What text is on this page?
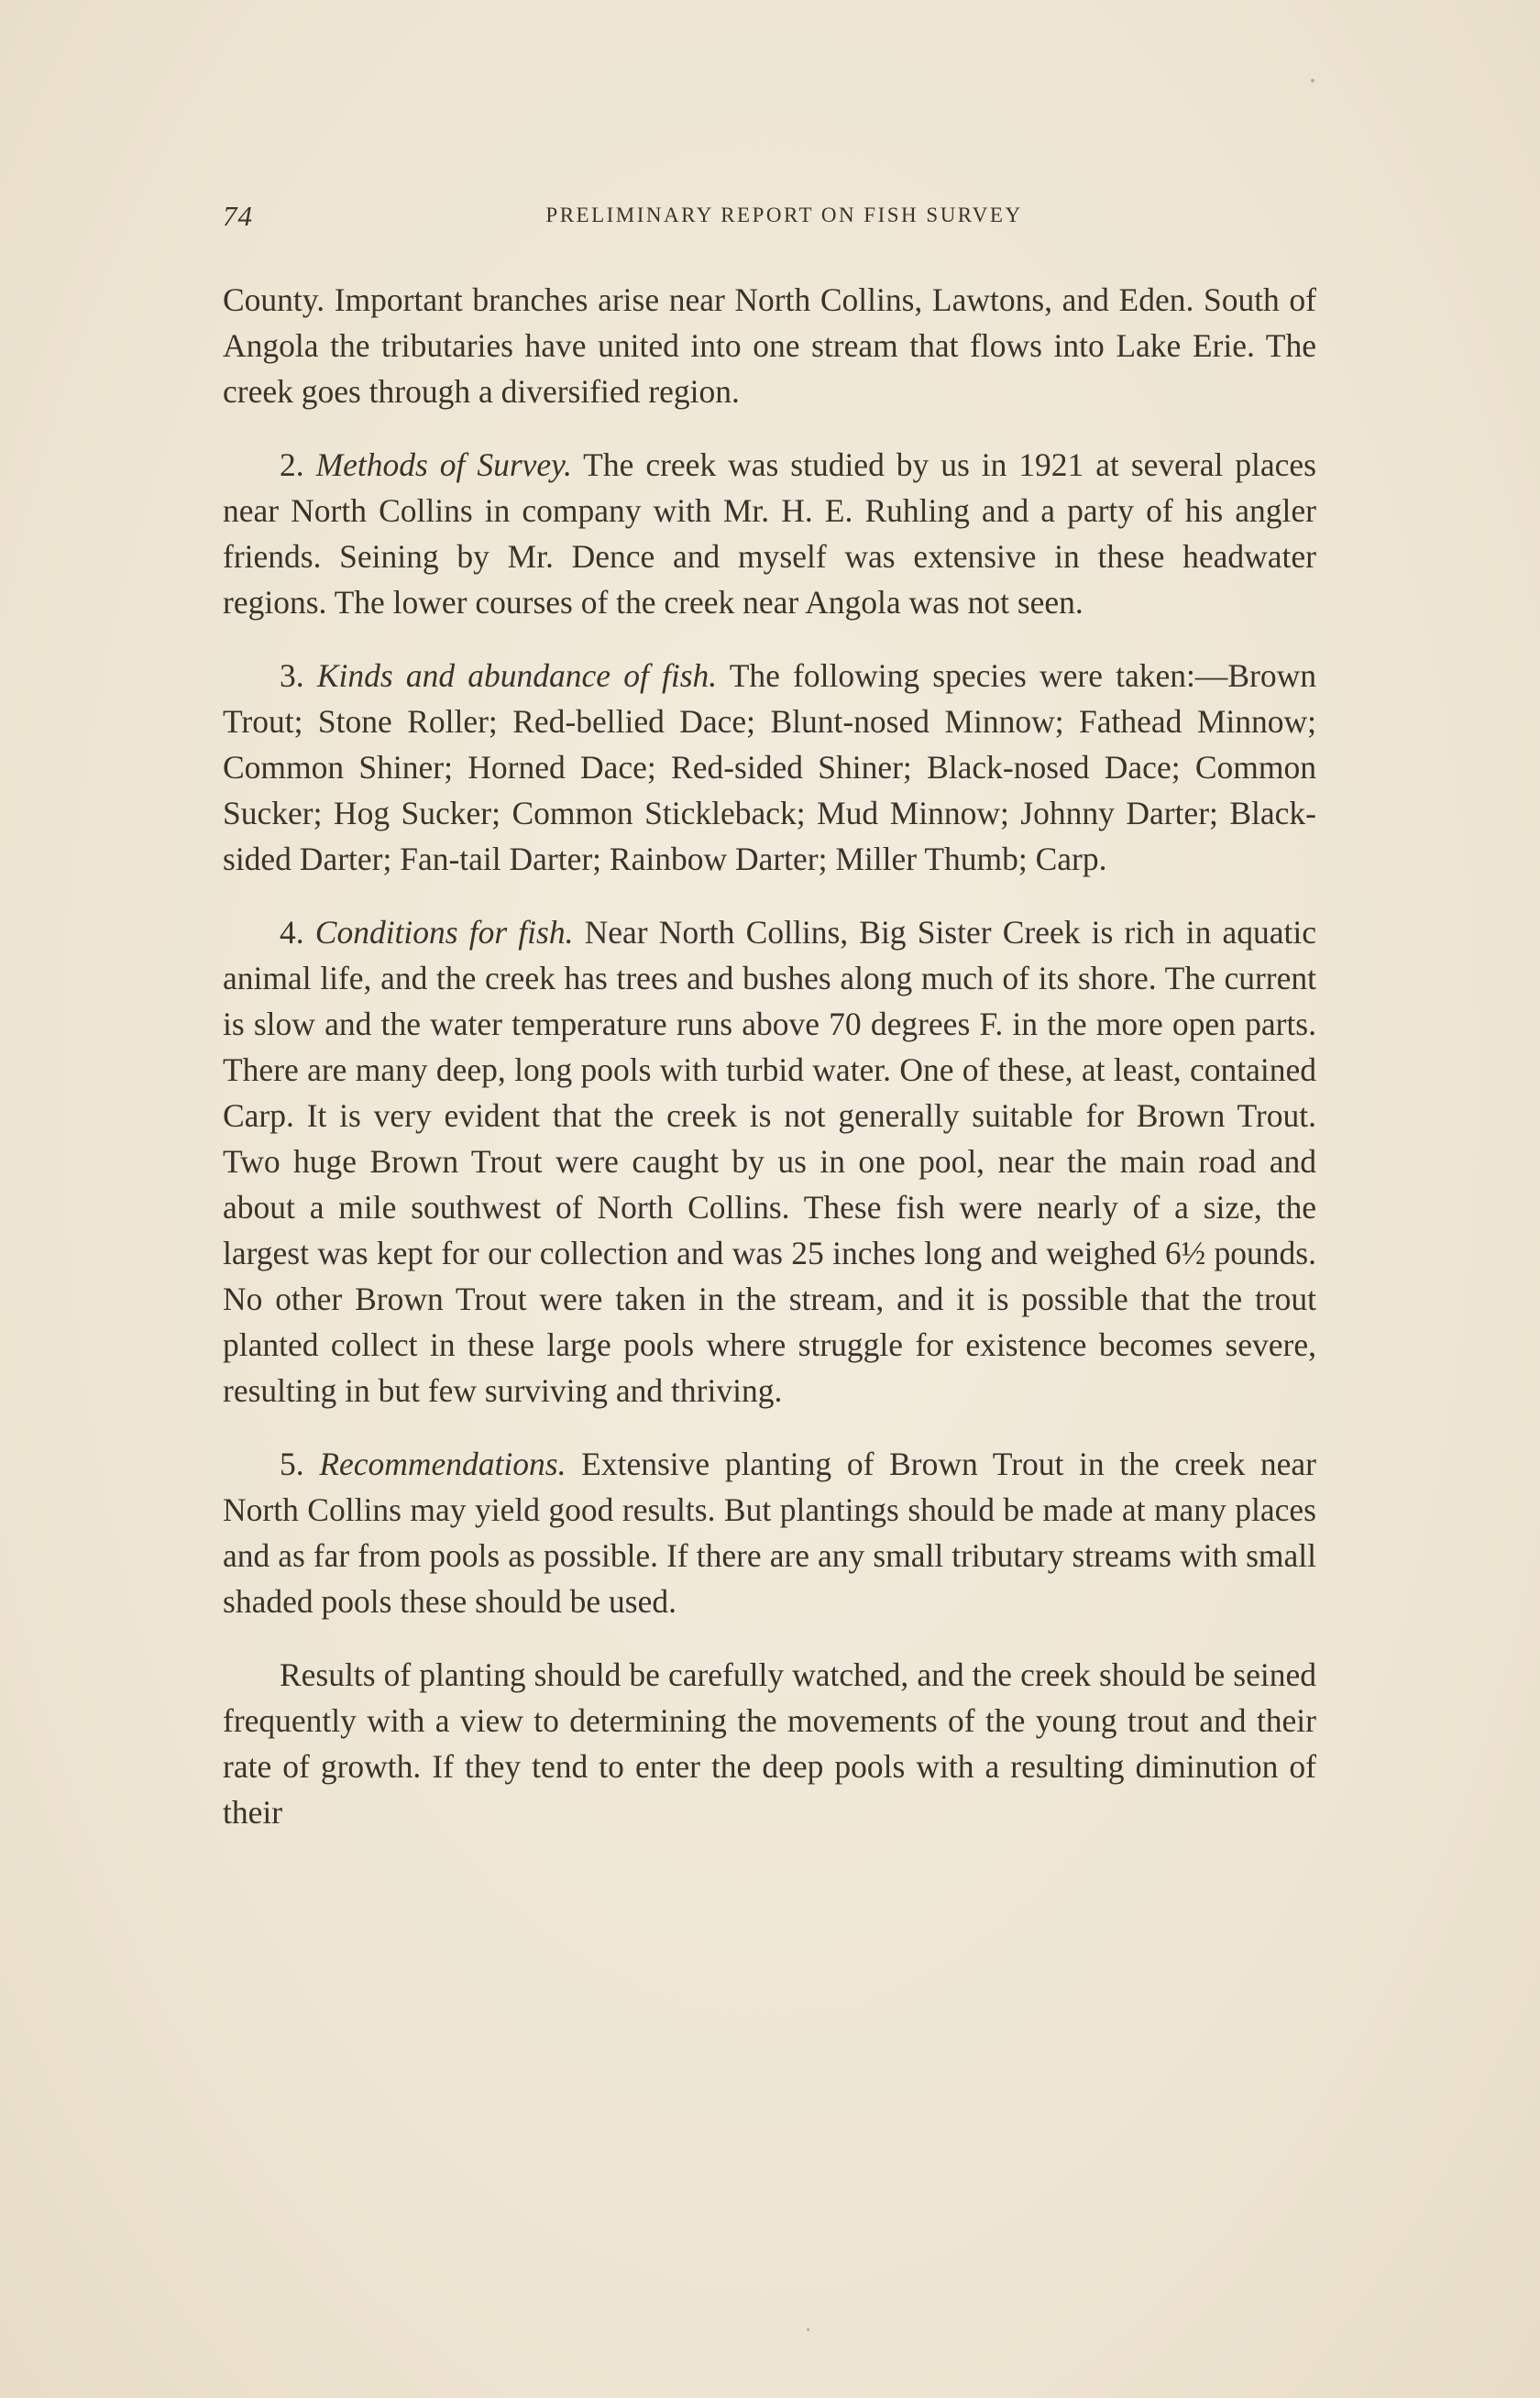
74	PRELIMINARY REPORT ON FISH SURVEY

County. Important branches arise near North Collins, Lawtons, and Eden. South of Angola the tributaries have united into one stream that flows into Lake Erie. The creek goes through a diversified region.

2. Methods of Survey. The creek was studied by us in 1921 at several places near North Collins in company with Mr. H. E. Ruhling and a party of his angler friends. Seining by Mr. Dence and myself was extensive in these headwater regions. The lower courses of the creek near Angola was not seen.

3. Kinds and abundance of fish. The following species were taken:—Brown Trout; Stone Roller; Red-bellied Dace; Blunt-nosed Minnow; Fathead Minnow; Common Shiner; Horned Dace; Red-sided Shiner; Black-nosed Dace; Common Sucker; Hog Sucker; Common Stickleback; Mud Minnow; Johnny Darter; Black-sided Darter; Fan-tail Darter; Rainbow Darter; Miller Thumb; Carp.

4. Conditions for fish. Near North Collins, Big Sister Creek is rich in aquatic animal life, and the creek has trees and bushes along much of its shore. The current is slow and the water temperature runs above 70 degrees F. in the more open parts. There are many deep, long pools with turbid water. One of these, at least, contained Carp. It is very evident that the creek is not generally suitable for Brown Trout. Two huge Brown Trout were caught by us in one pool, near the main road and about a mile southwest of North Collins. These fish were nearly of a size, the largest was kept for our collection and was 25 inches long and weighed 6½ pounds. No other Brown Trout were taken in the stream, and it is possible that the trout planted collect in these large pools where struggle for existence becomes severe, resulting in but few surviving and thriving.

5. Recommendations. Extensive planting of Brown Trout in the creek near North Collins may yield good results. But plantings should be made at many places and as far from pools as possible. If there are any small tributary streams with small shaded pools these should be used.

Results of planting should be carefully watched, and the creek should be seined frequently with a view to determining the movements of the young trout and their rate of growth. If they tend to enter the deep pools with a resulting diminution of their
